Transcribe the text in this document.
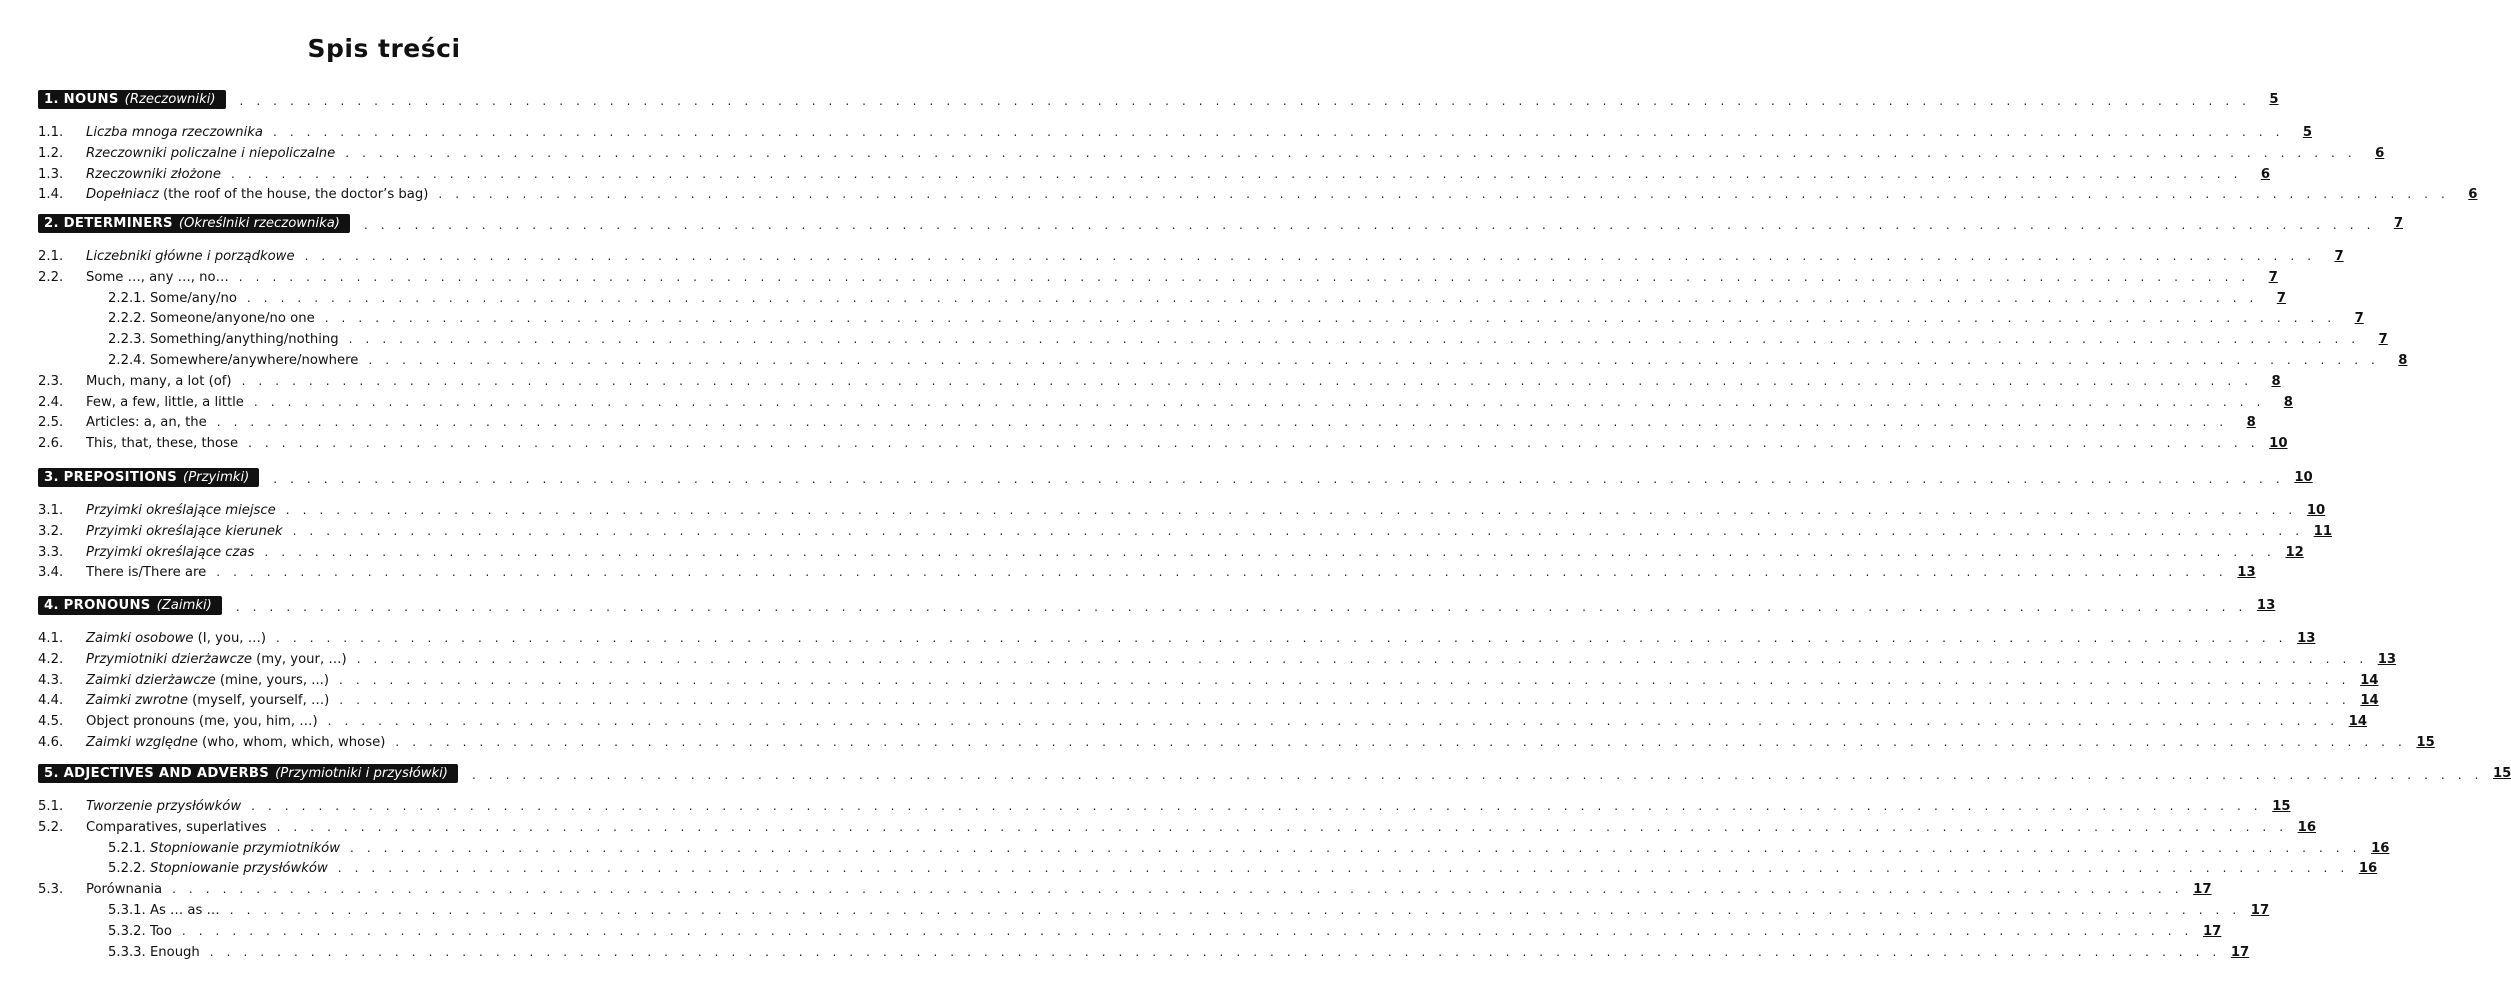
Spis treści
1. NOUNS (Rzeczowniki)	. . . . . . . . . . . . . . . . . . . . . . . . . . . . . . . . . . . . . . . . . . . . . . . . . . . . . . . . . . . . . . . . . . . . . . . . . . . . . . . . . . . . . . . . . . . . . . . . . . . . . . . . . . . . . . . . . . . . . . . .	5
1.1.	Liczba mnoga rzeczownika . . . . . . . . . . . . . . . . . . . . . . . . . . . . . . . . . . . . . . . . . . . . . . . . . . . . . . . . . . . . . . . . . . . . . . . . . . . . . . . . . . . . . . . . . . . . . . . . . . . . . . . . . . . . . . . . . . . . . . . .	5
1.2.	Rzeczowniki policzalne i niepoliczalne . . . . . . . . . . . . . . . . . . . . . . . . . . . . . . . . . . . . . . . . . . . . . . . . . . . . . . . . . . . . . . . . . . . . . . . . . . . . . . . . . . . . . . . . . . . . . . . . . . . . . . . . . . . . . . . . . . . . . . . .	6
1.3.	Rzeczowniki złożone . . . . . . . . . . . . . . . . . . . . . . . . . . . . . . . . . . . . . . . . . . . . . . . . . . . . . . . . . . . . . . . . . . . . . . . . . . . . . . . . . . . . . . . . . . . . . . . . . . . . . . . . . . . . . . . . . . . . . . . .	6
1.4.	Dopełniacz (the roof of the house, the doctor’s bag) . . . . . . . . . . . . . . . . . . . . . . . . . . . . . . . . . . . . . . . . . . . . . . . . . . . . . . . . . . . . . . . . . . . . . . . . . . . . . . . . . . . . . . . . . . . . . . . . . . . . . . . . . . . . . . . . . . . . . . . .	6
2. DETERMINERS (Określniki rzeczownika)	. . . . . . . . . . . . . . . . . . . . . . . . . . . . . . . . . . . . . . . . . . . . . . . . . . . . . . . . . . . . . . . . . . . . . . . . . . . . . . . . . . . . . . . . . . . . . . . . . . . . . . . . . . . . . . . . . . . . . . . .	7
2.1.	Liczebniki główne i porządkowe . . . . . . . . . . . . . . . . . . . . . . . . . . . . . . . . . . . . . . . . . . . . . . . . . . . . . . . . . . . . . . . . . . . . . . . . . . . . . . . . . . . . . . . . . . . . . . . . . . . . . . . . . . . . . . . . . . . . . . . .	7
2.2.	Some …, any …, no… . . . . . . . . . . . . . . . . . . . . . . . . . . . . . . . . . . . . . . . . . . . . . . . . . . . . . . . . . . . . . . . . . . . . . . . . . . . . . . . . . . . . . . . . . . . . . . . . . . . . . . . . . . . . . . . . . . . . . . . .	7
2.2.1. Some/any/no . . . . . . . . . . . . . . . . . . . . . . . . . . . . . . . . . . . . . . . . . . . . . . . . . . . . . . . . . . . . . . . . . . . . . . . . . . . . . . . . . . . . . . . . . . . . . . . . . . . . . . . . . . . . . . . . . . . . . . . .	7
2.2.2. Someone/anyone/no one . . . . . . . . . . . . . . . . . . . . . . . . . . . . . . . . . . . . . . . . . . . . . . . . . . . . . . . . . . . . . . . . . . . . . . . . . . . . . . . . . . . . . . . . . . . . . . . . . . . . . . . . . . . . . . . . . . . . . . . .	7
2.2.3. Something/anything/nothing . . . . . . . . . . . . . . . . . . . . . . . . . . . . . . . . . . . . . . . . . . . . . . . . . . . . . . . . . . . . . . . . . . . . . . . . . . . . . . . . . . . . . . . . . . . . . . . . . . . . . . . . . . . . . . . . . . . . . . . .	7
2.2.4. Somewhere/anywhere/nowhere . . . . . . . . . . . . . . . . . . . . . . . . . . . . . . . . . . . . . . . . . . . . . . . . . . . . . . . . . . . . . . . . . . . . . . . . . . . . . . . . . . . . . . . . . . . . . . . . . . . . . . . . . . . . . . . . . . . . . . . .	8
2.3.	Much, many, a lot (of) . . . . . . . . . . . . . . . . . . . . . . . . . . . . . . . . . . . . . . . . . . . . . . . . . . . . . . . . . . . . . . . . . . . . . . . . . . . . . . . . . . . . . . . . . . . . . . . . . . . . . . . . . . . . . . . . . . . . . . . .	8
2.4.	Few, a few, little, a little . . . . . . . . . . . . . . . . . . . . . . . . . . . . . . . . . . . . . . . . . . . . . . . . . . . . . . . . . . . . . . . . . . . . . . . . . . . . . . . . . . . . . . . . . . . . . . . . . . . . . . . . . . . . . . . . . . . . . . . .	8
2.5.	Articles: a, an, the . . . . . . . . . . . . . . . . . . . . . . . . . . . . . . . . . . . . . . . . . . . . . . . . . . . . . . . . . . . . . . . . . . . . . . . . . . . . . . . . . . . . . . . . . . . . . . . . . . . . . . . . . . . . . . . . . . . . . . . .	8
2.6.	This, that, these, those . . . . . . . . . . . . . . . . . . . . . . . . . . . . . . . . . . . . . . . . . . . . . . . . . . . . . . . . . . . . . . . . . . . . . . . . . . . . . . . . . . . . . . . . . . . . . . . . . . . . . . . . . . . . . . . . . . . . . . . . 10
3. PREPOSITIONS (Przyimki)	. . . . . . . . . . . . . . . . . . . . . . . . . . . . . . . . . . . . . . . . . . . . . . . . . . . . . . . . . . . . . . . . . . . . . . . . . . . . . . . . . . . . . . . . . . . . . . . . . . . . . . . . . . . . . . . . . . . . . . . . 10
3.1.	Przyimki określające miejsce . . . . . . . . . . . . . . . . . . . . . . . . . . . . . . . . . . . . . . . . . . . . . . . . . . . . . . . . . . . . . . . . . . . . . . . . . . . . . . . . . . . . . . . . . . . . . . . . . . . . . . . . . . . . . . . . . . . . . . . . 10
3.2.	Przyimki określające kierunek . . . . . . . . . . . . . . . . . . . . . . . . . . . . . . . . . . . . . . . . . . . . . . . . . . . . . . . . . . . . . . . . . . . . . . . . . . . . . . . . . . . . . . . . . . . . . . . . . . . . . . . . . . . . . . . . . . . . . . . . 11
3.3.	Przyimki określające czas . . . . . . . . . . . . . . . . . . . . . . . . . . . . . . . . . . . . . . . . . . . . . . . . . . . . . . . . . . . . . . . . . . . . . . . . . . . . . . . . . . . . . . . . . . . . . . . . . . . . . . . . . . . . . . . . . . . . . . . . 12
3.4.	There is/There are . . . . . . . . . . . . . . . . . . . . . . . . . . . . . . . . . . . . . . . . . . . . . . . . . . . . . . . . . . . . . . . . . . . . . . . . . . . . . . . . . . . . . . . . . . . . . . . . . . . . . . . . . . . . . . . . . . . . . . . . 13
4. PRONOUNS (Zaimki)	. . . . . . . . . . . . . . . . . . . . . . . . . . . . . . . . . . . . . . . . . . . . . . . . . . . . . . . . . . . . . . . . . . . . . . . . . . . . . . . . . . . . . . . . . . . . . . . . . . . . . . . . . . . . . . . . . . . . . . . . 13
4.1.	Zaimki osobowe (I, you, …) . . . . . . . . . . . . . . . . . . . . . . . . . . . . . . . . . . . . . . . . . . . . . . . . . . . . . . . . . . . . . . . . . . . . . . . . . . . . . . . . . . . . . . . . . . . . . . . . . . . . . . . . . . . . . . . . . . . . . . . . 13
4.2.	Przymiotniki dzierżawcze (my, your, …) . . . . . . . . . . . . . . . . . . . . . . . . . . . . . . . . . . . . . . . . . . . . . . . . . . . . . . . . . . . . . . . . . . . . . . . . . . . . . . . . . . . . . . . . . . . . . . . . . . . . . . . . . . . . . . . . . . . . . . . . 13
4.3.	Zaimki dzierżawcze (mine, yours, ...) . . . . . . . . . . . . . . . . . . . . . . . . . . . . . . . . . . . . . . . . . . . . . . . . . . . . . . . . . . . . . . . . . . . . . . . . . . . . . . . . . . . . . . . . . . . . . . . . . . . . . . . . . . . . . . . . . . . . . . . . 14
4.4.	Zaimki zwrotne (myself, yourself, …) . . . . . . . . . . . . . . . . . . . . . . . . . . . . . . . . . . . . . . . . . . . . . . . . . . . . . . . . . . . . . . . . . . . . . . . . . . . . . . . . . . . . . . . . . . . . . . . . . . . . . . . . . . . . . . . . . . . . . . . . 14
4.5.	Object pronouns (me, you, him, …) . . . . . . . . . . . . . . . . . . . . . . . . . . . . . . . . . . . . . . . . . . . . . . . . . . . . . . . . . . . . . . . . . . . . . . . . . . . . . . . . . . . . . . . . . . . . . . . . . . . . . . . . . . . . . . . . . . . . . . . . 14
4.6.	Zaimki względne (who, whom, which, whose) . . . . . . . . . . . . . . . . . . . . . . . . . . . . . . . . . . . . . . . . . . . . . . . . . . . . . . . . . . . . . . . . . . . . . . . . . . . . . . . . . . . . . . . . . . . . . . . . . . . . . . . . . . . . . . . . . . . . . . . . 15
5. ADJECTIVES AND ADVERBS (Przymiotniki i przysłówki)	. . . . . . . . . . . . . . . . . . . . . . . . . . . . . . . . . . . . . . . . . . . . . . . . . . . . . . . . . . . . . . . . . . . . . . . . . . . . . . . . . . . . . . . . . . . . . . . . . . . . . . . . . . . . . . . . . . . . . . . . 15
5.1.	Tworzenie przysłówków . . . . . . . . . . . . . . . . . . . . . . . . . . . . . . . . . . . . . . . . . . . . . . . . . . . . . . . . . . . . . . . . . . . . . . . . . . . . . . . . . . . . . . . . . . . . . . . . . . . . . . . . . . . . . . . . . . . . . . . . 15
5.2.	Comparatives, superlatives . . . . . . . . . . . . . . . . . . . . . . . . . . . . . . . . . . . . . . . . . . . . . . . . . . . . . . . . . . . . . . . . . . . . . . . . . . . . . . . . . . . . . . . . . . . . . . . . . . . . . . . . . . . . . . . . . . . . . . . . 16
5.2.1. Stopniowanie przymiotników . . . . . . . . . . . . . . . . . . . . . . . . . . . . . . . . . . . . . . . . . . . . . . . . . . . . . . . . . . . . . . . . . . . . . . . . . . . . . . . . . . . . . . . . . . . . . . . . . . . . . . . . . . . . . . . . . . . . . . . . 16
5.2.2. Stopniowanie przysłówków . . . . . . . . . . . . . . . . . . . . . . . . . . . . . . . . . . . . . . . . . . . . . . . . . . . . . . . . . . . . . . . . . . . . . . . . . . . . . . . . . . . . . . . . . . . . . . . . . . . . . . . . . . . . . . . . . . . . . . . . 16
5.3.	Porównania . . . . . . . . . . . . . . . . . . . . . . . . . . . . . . . . . . . . . . . . . . . . . . . . . . . . . . . . . . . . . . . . . . . . . . . . . . . . . . . . . . . . . . . . . . . . . . . . . . . . . . . . . . . . . . . . . . . . . . . . 17
5.3.1. As … as … . . . . . . . . . . . . . . . . . . . . . . . . . . . . . . . . . . . . . . . . . . . . . . . . . . . . . . . . . . . . . . . . . . . . . . . . . . . . . . . . . . . . . . . . . . . . . . . . . . . . . . . . . . . . . . . . . . . . . . . . 17
5.3.2. Too . . . . . . . . . . . . . . . . . . . . . . . . . . . . . . . . . . . . . . . . . . . . . . . . . . . . . . . . . . . . . . . . . . . . . . . . . . . . . . . . . . . . . . . . . . . . . . . . . . . . . . . . . . . . . . . . . . . . . . . . 17
5.3.3. Enough . . . . . . . . . . . . . . . . . . . . . . . . . . . . . . . . . . . . . . . . . . . . . . . . . . . . . . . . . . . . . . . . . . . . . . . . . . . . . . . . . . . . . . . . . . . . . . . . . . . . . . . . . . . . . . . . . . . . . . . . 17
